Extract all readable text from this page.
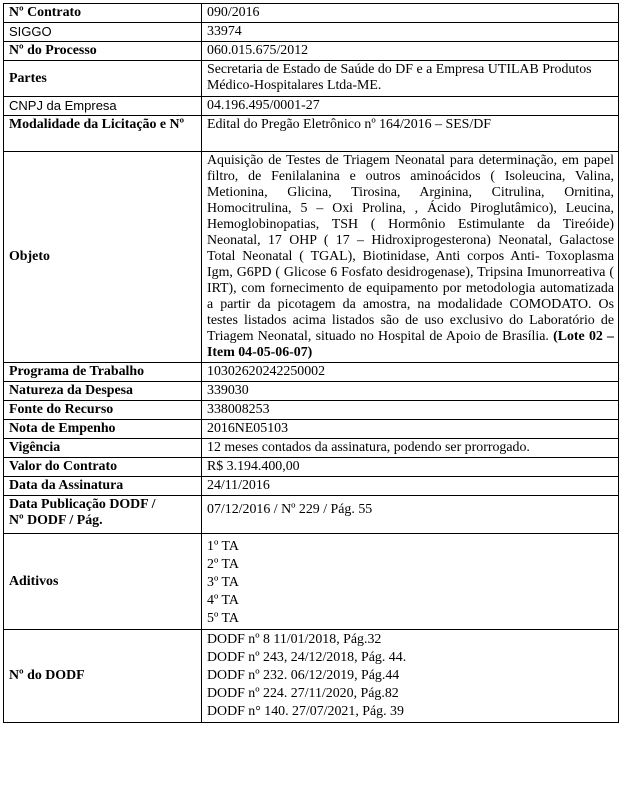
Nº Contrato	090/2016
SIGGO	33974
Nº do Processo	060.015.675/2012
Partes	Secretaria de Estado de Saúde do DF e a Empresa UTILAB Produtos Médico-Hospitalares Ltda-ME.
CNPJ da Empresa	04.196.495/0001-27
Modalidade da Licitação e Nº	Edital do Pregão Eletrônico nº 164/2016 – SES/DF
Objeto	Aquisição de Testes de Triagem Neonatal para determinação, em papel filtro, de Fenilalanina e outros aminoácidos ( Isoleucina, Valina, Metionina, Glicina, Tirosina, Arginina, Citrulina, Ornitina, Homocitrulina, 5 – Oxi Prolina, , Ácido Piroglutâmico), Leucina, Hemoglobinopatias, TSH ( Hormônio Estimulante da Tireóide) Neonatal, 17 OHP ( 17 – Hidroxiprogesterona) Neonatal, Galactose Total Neonatal ( TGAL), Biotinidase, Anti corpos Anti- Toxoplasma Igm, G6PD ( Glicose 6 Fosfato desidrogenase), Tripsina Imunorreativa ( IRT), com fornecimento de equipamento por metodologia automatizada a partir da picotagem da amostra, na modalidade COMODATO. Os testes listados acima listados são de uso exclusivo do Laboratório de Triagem Neonatal, situado no Hospital de Apoio de Brasília. (Lote 02 – Item 04-05-06-07)
Programa de Trabalho	10302620242250002
Natureza da Despesa	339030
Fonte do Recurso	338008253
Nota de Empenho	2016NE05103
Vigência	12 meses contados da assinatura, podendo ser prorrogado.
Valor do Contrato	R$ 3.194.400,00
Data da Assinatura	24/11/2016

Data Publicação DODF /
Nº DODF / Pág.	07/12/2016 / Nº 229 / Pág. 55
Aditivos	1º TA
2º TA
3º TA
4º TA
5º TA

Nº do DODF	DODF nº 8 11/01/2018, Pág.32
DODF nº 243, 24/12/2018, Pág. 44.
DODF nº 232. 06/12/2019, Pág.44
DODF nº 224. 27/11/2020, Pág.82
DODF n° 140. 27/07/2021, Pág. 39
